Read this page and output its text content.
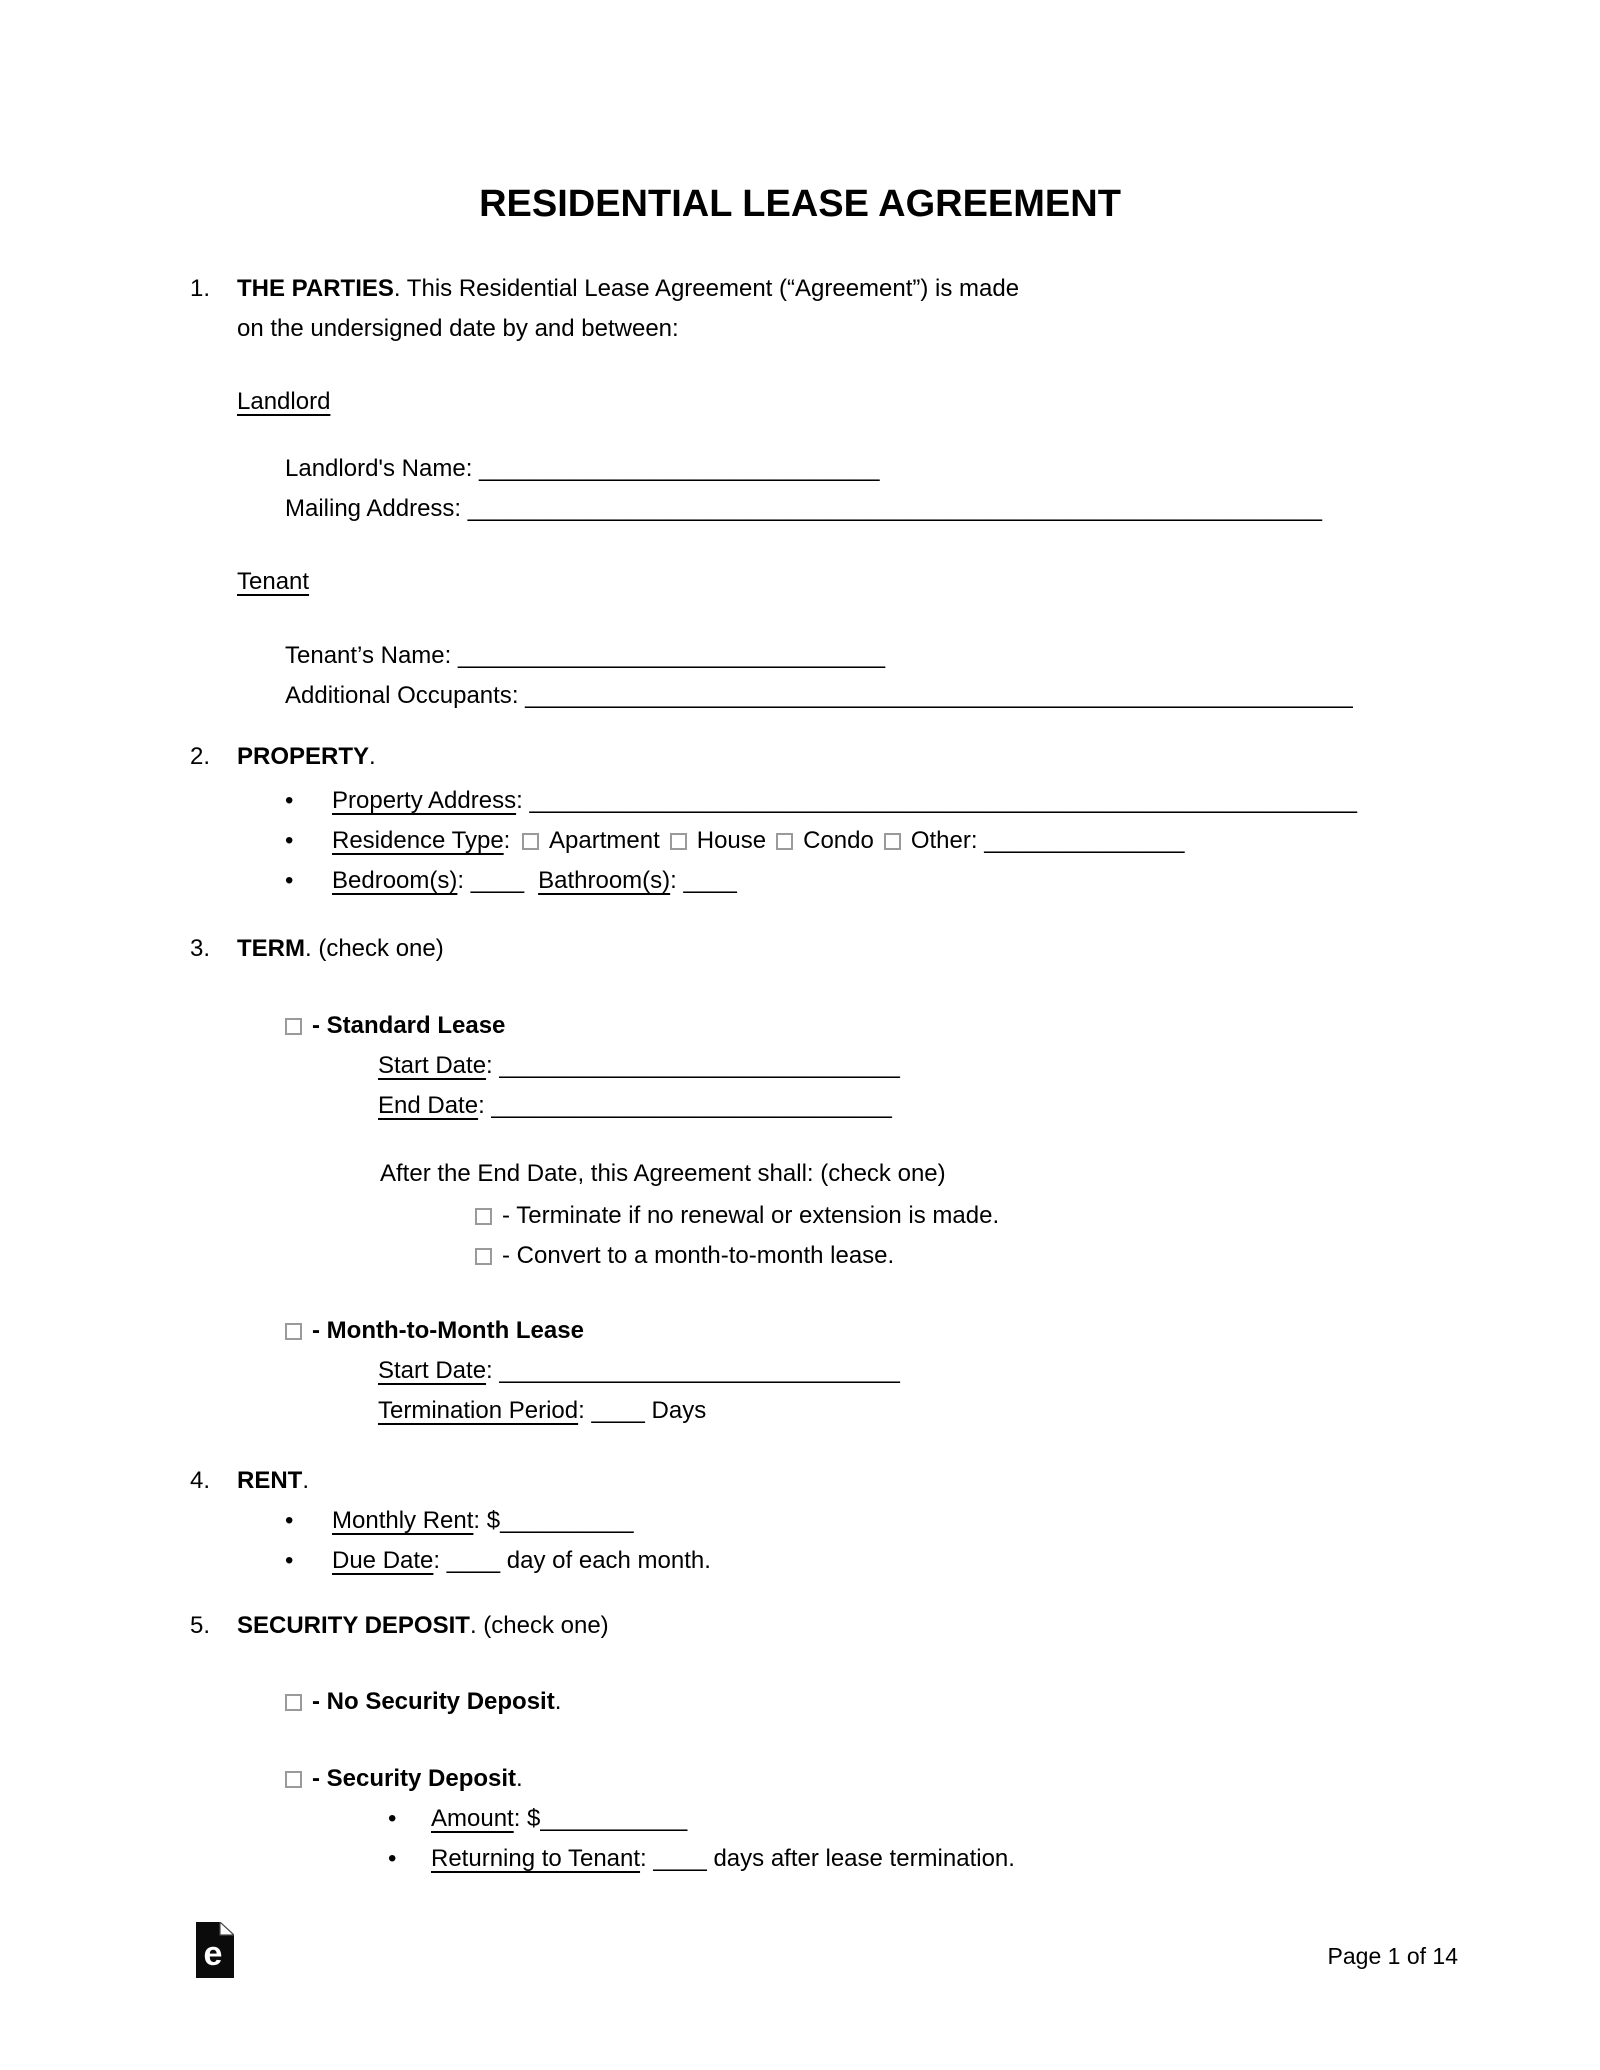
RESIDENTIAL LEASE AGREEMENT
1.	THE PARTIES. This Residential Lease Agreement (“Agreement”) is made on the undersigned date by and between:

Landlord
Landlord's Name: ______________________________
Mailing Address: ________________________________________________________________
Tenant
Tenant’s Name: ________________________________
Additional Occupants: ______________________________________________________________
2.	PROPERTY.
•	Property Address: ______________________________________________________________
•	Residence Type: Apartment House Condo Other: _______________
•	Bedroom(s): ____ Bathroom(s): ____
3.	TERM. (check one)
- Standard Lease
Start Date: ______________________________
End Date: ______________________________
After the End Date, this Agreement shall: (check one)
- Terminate if no renewal or extension is made.
- Convert to a month-to-month lease.
- Month-to-Month Lease
Start Date: ______________________________
Termination Period: ____ Days
4.	RENT.
•	Monthly Rent: $__________
•	Due Date: ____ day of each month.
5.	SECURITY DEPOSIT. (check one)
- No Security Deposit.
- Security Deposit.
•	Amount: $___________
•	Returning to Tenant: ____ days after lease termination.
e	Page 1 of 14
